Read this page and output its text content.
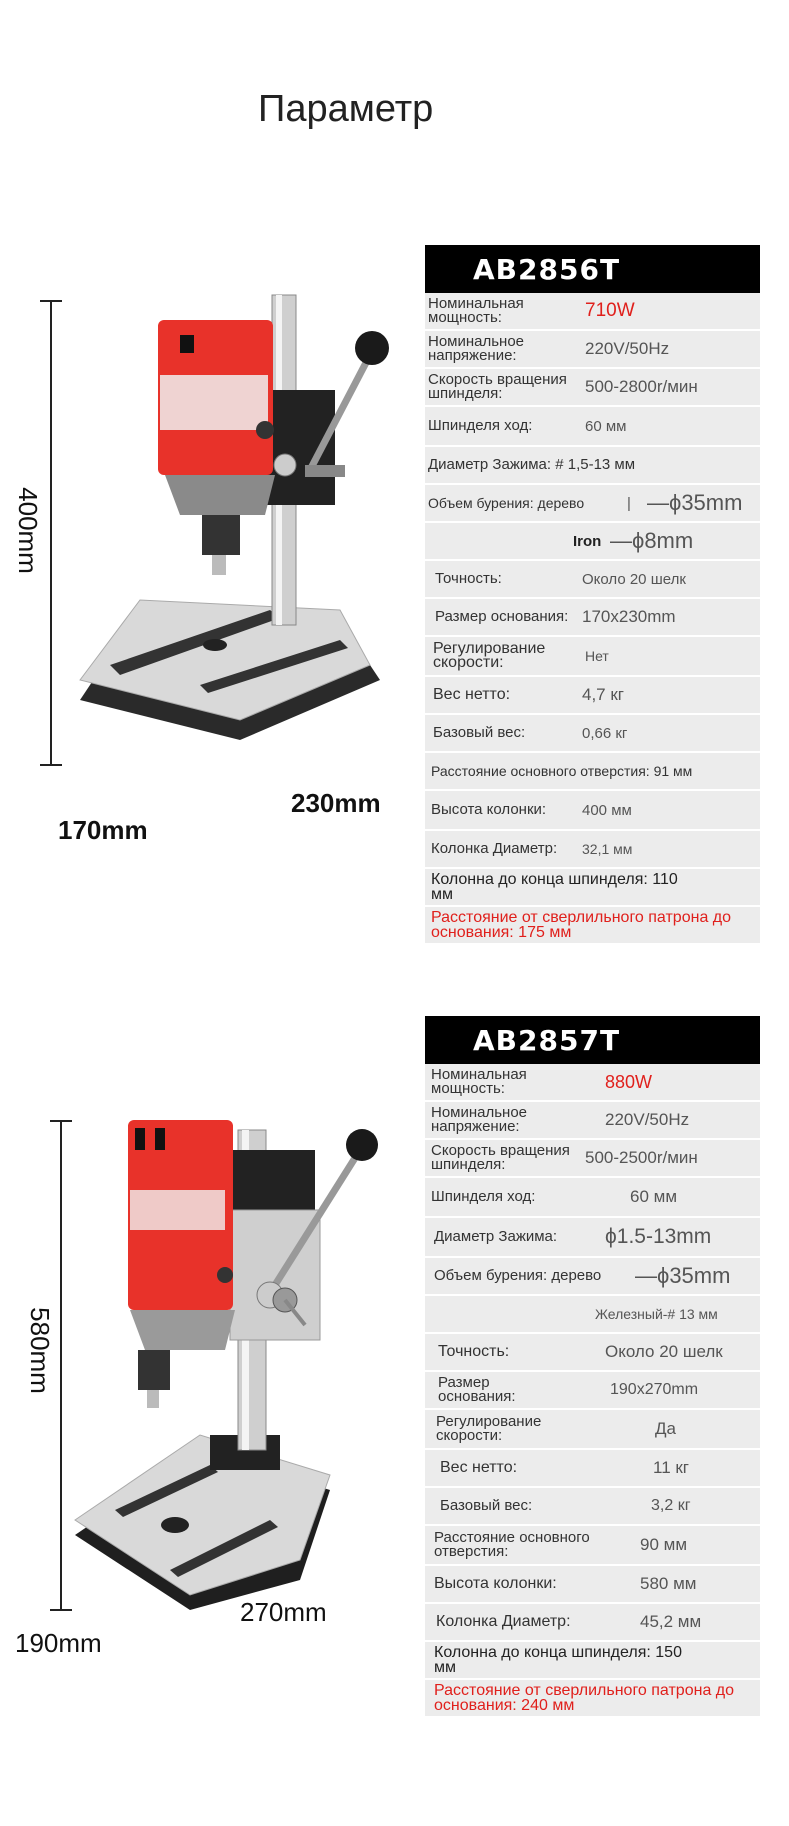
Параметр
400mm
170mm
230mm
AB2856T
Номинальная мощность:	710W
Номинальное напряжение:	220V/50Hz
Скорость вращения шпинделя:	500-2800r/мин
Шпинделя ход:	60 мм
Диаметр Зажима: # 1,5-13 мм
Объем бурения: дерево	| —ϕ35mm
Iron —ϕ8mm
Точность:	Около 20 шелк
Размер основания: 170x230mm
Регулирование скорости:	Нет
Вес нетто:	4,7 кг
Базовый вес:	0,66 кг
Расстояние основного отверстия: 91 мм
Высота колонки: 400 мм
Колонка Диаметр: 32,1 мм
Колонна до конца шпинделя: 110 мм
Расстояние от сверлильного патрона до основания: 175 мм
580mm
190mm
270mm
AB2857T
Номинальная мощность:	880W
Номинальное напряжение:	220V/50Hz
Скорость вращения шпинделя:	500-2500r/мин
Шпинделя ход:	60 мм
Диаметр Зажима: ϕ1.5-13mm
Объем бурения: дерево —ϕ35mm
Железный-# 13 мм
Точность:	Около 20 шелк
Размер основания:	190x270mm
Регулирование скорости:	Да
Вес нетто:	11 кг
Базовый вес:	3,2 кг
Расстояние основного отверстия:	90 мм
Высота колонки:	580 мм
Колонка Диаметр:	45,2 мм
Колонна до конца шпинделя: 150 мм
Расстояние от сверлильного патрона до основания: 240 мм
